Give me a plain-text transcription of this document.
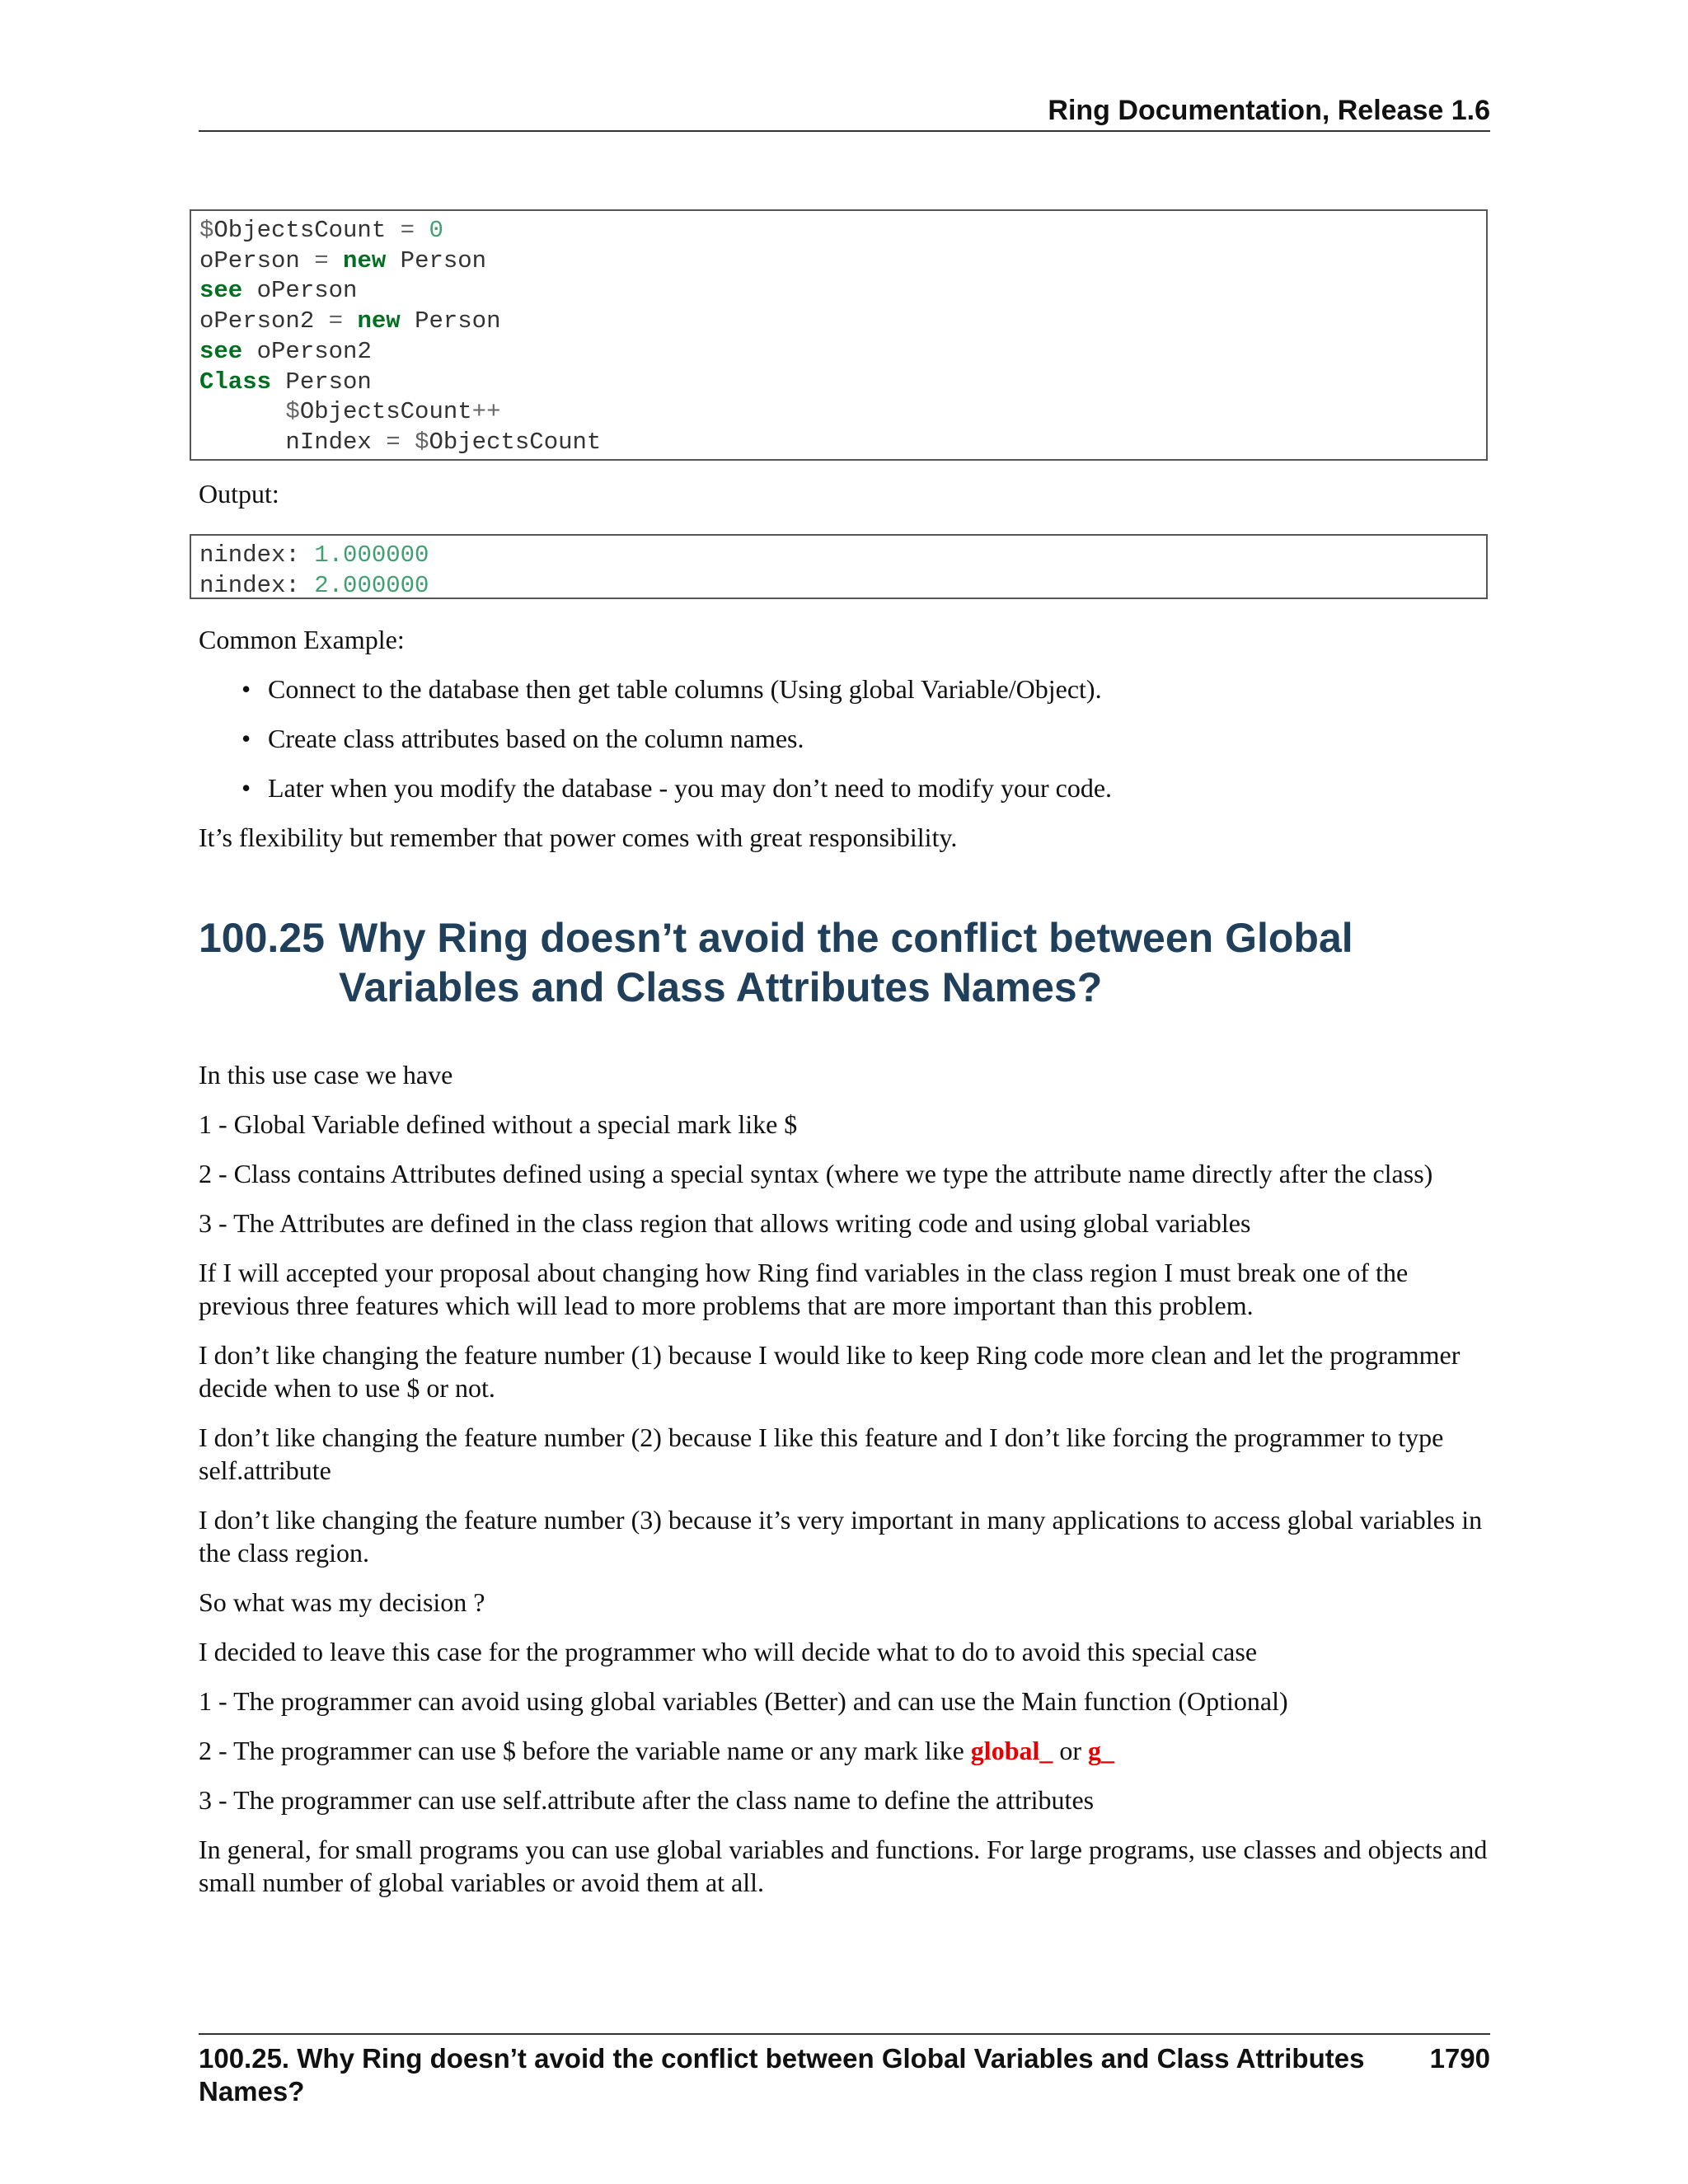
Ring Documentation, Release 1.6
$ObjectsCount = 0
oPerson = new Person
see oPerson
oPerson2 = new Person
see oPerson2
Class Person
$ObjectsCount++
nIndex = $ObjectsCount

Output:

nindex: 1.000000
nindex: 2.000000

Common Example:

• Connect to the database then get table columns (Using global Variable/Object).
• Create class attributes based on the column names.
• Later when you modify the database - you may don’t need to modify your code.

It’s flexibility but remember that power comes with great responsibility.

100.25 Why Ring doesn’t avoid the conflict between Global Variables and Class Attributes Names?

In this use case we have

1 - Global Variable defined without a special mark like $

2 - Class contains Attributes defined using a special syntax (where we type the attribute name directly after the class)

3 - The Attributes are defined in the class region that allows writing code and using global variables

If I will accepted your proposal about changing how Ring find variables in the class region I must break one of the previous three features which will lead to more problems that are more important than this problem.

I don’t like changing the feature number (1) because I would like to keep Ring code more clean and let the programmer decide when to use $ or not.

I don’t like changing the feature number (2) because I like this feature and I don’t like forcing the programmer to type self.attribute

I don’t like changing the feature number (3) because it’s very important in many applications to access global variables in the class region.

So what was my decision ?

I decided to leave this case for the programmer who will decide what to do to avoid this special case

1 - The programmer can avoid using global variables (Better) and can use the Main function (Optional)

2 - The programmer can use $ before the variable name or any mark like global_ or g_

3 - The programmer can use self.attribute after the class name to define the attributes

In general, for small programs you can use global variables and functions. For large programs, use classes and objects and small number of global variables or avoid them at all.

100.25. Why Ring doesn’t avoid the conflict between Global Variables and Class Attributes Names?
1790
